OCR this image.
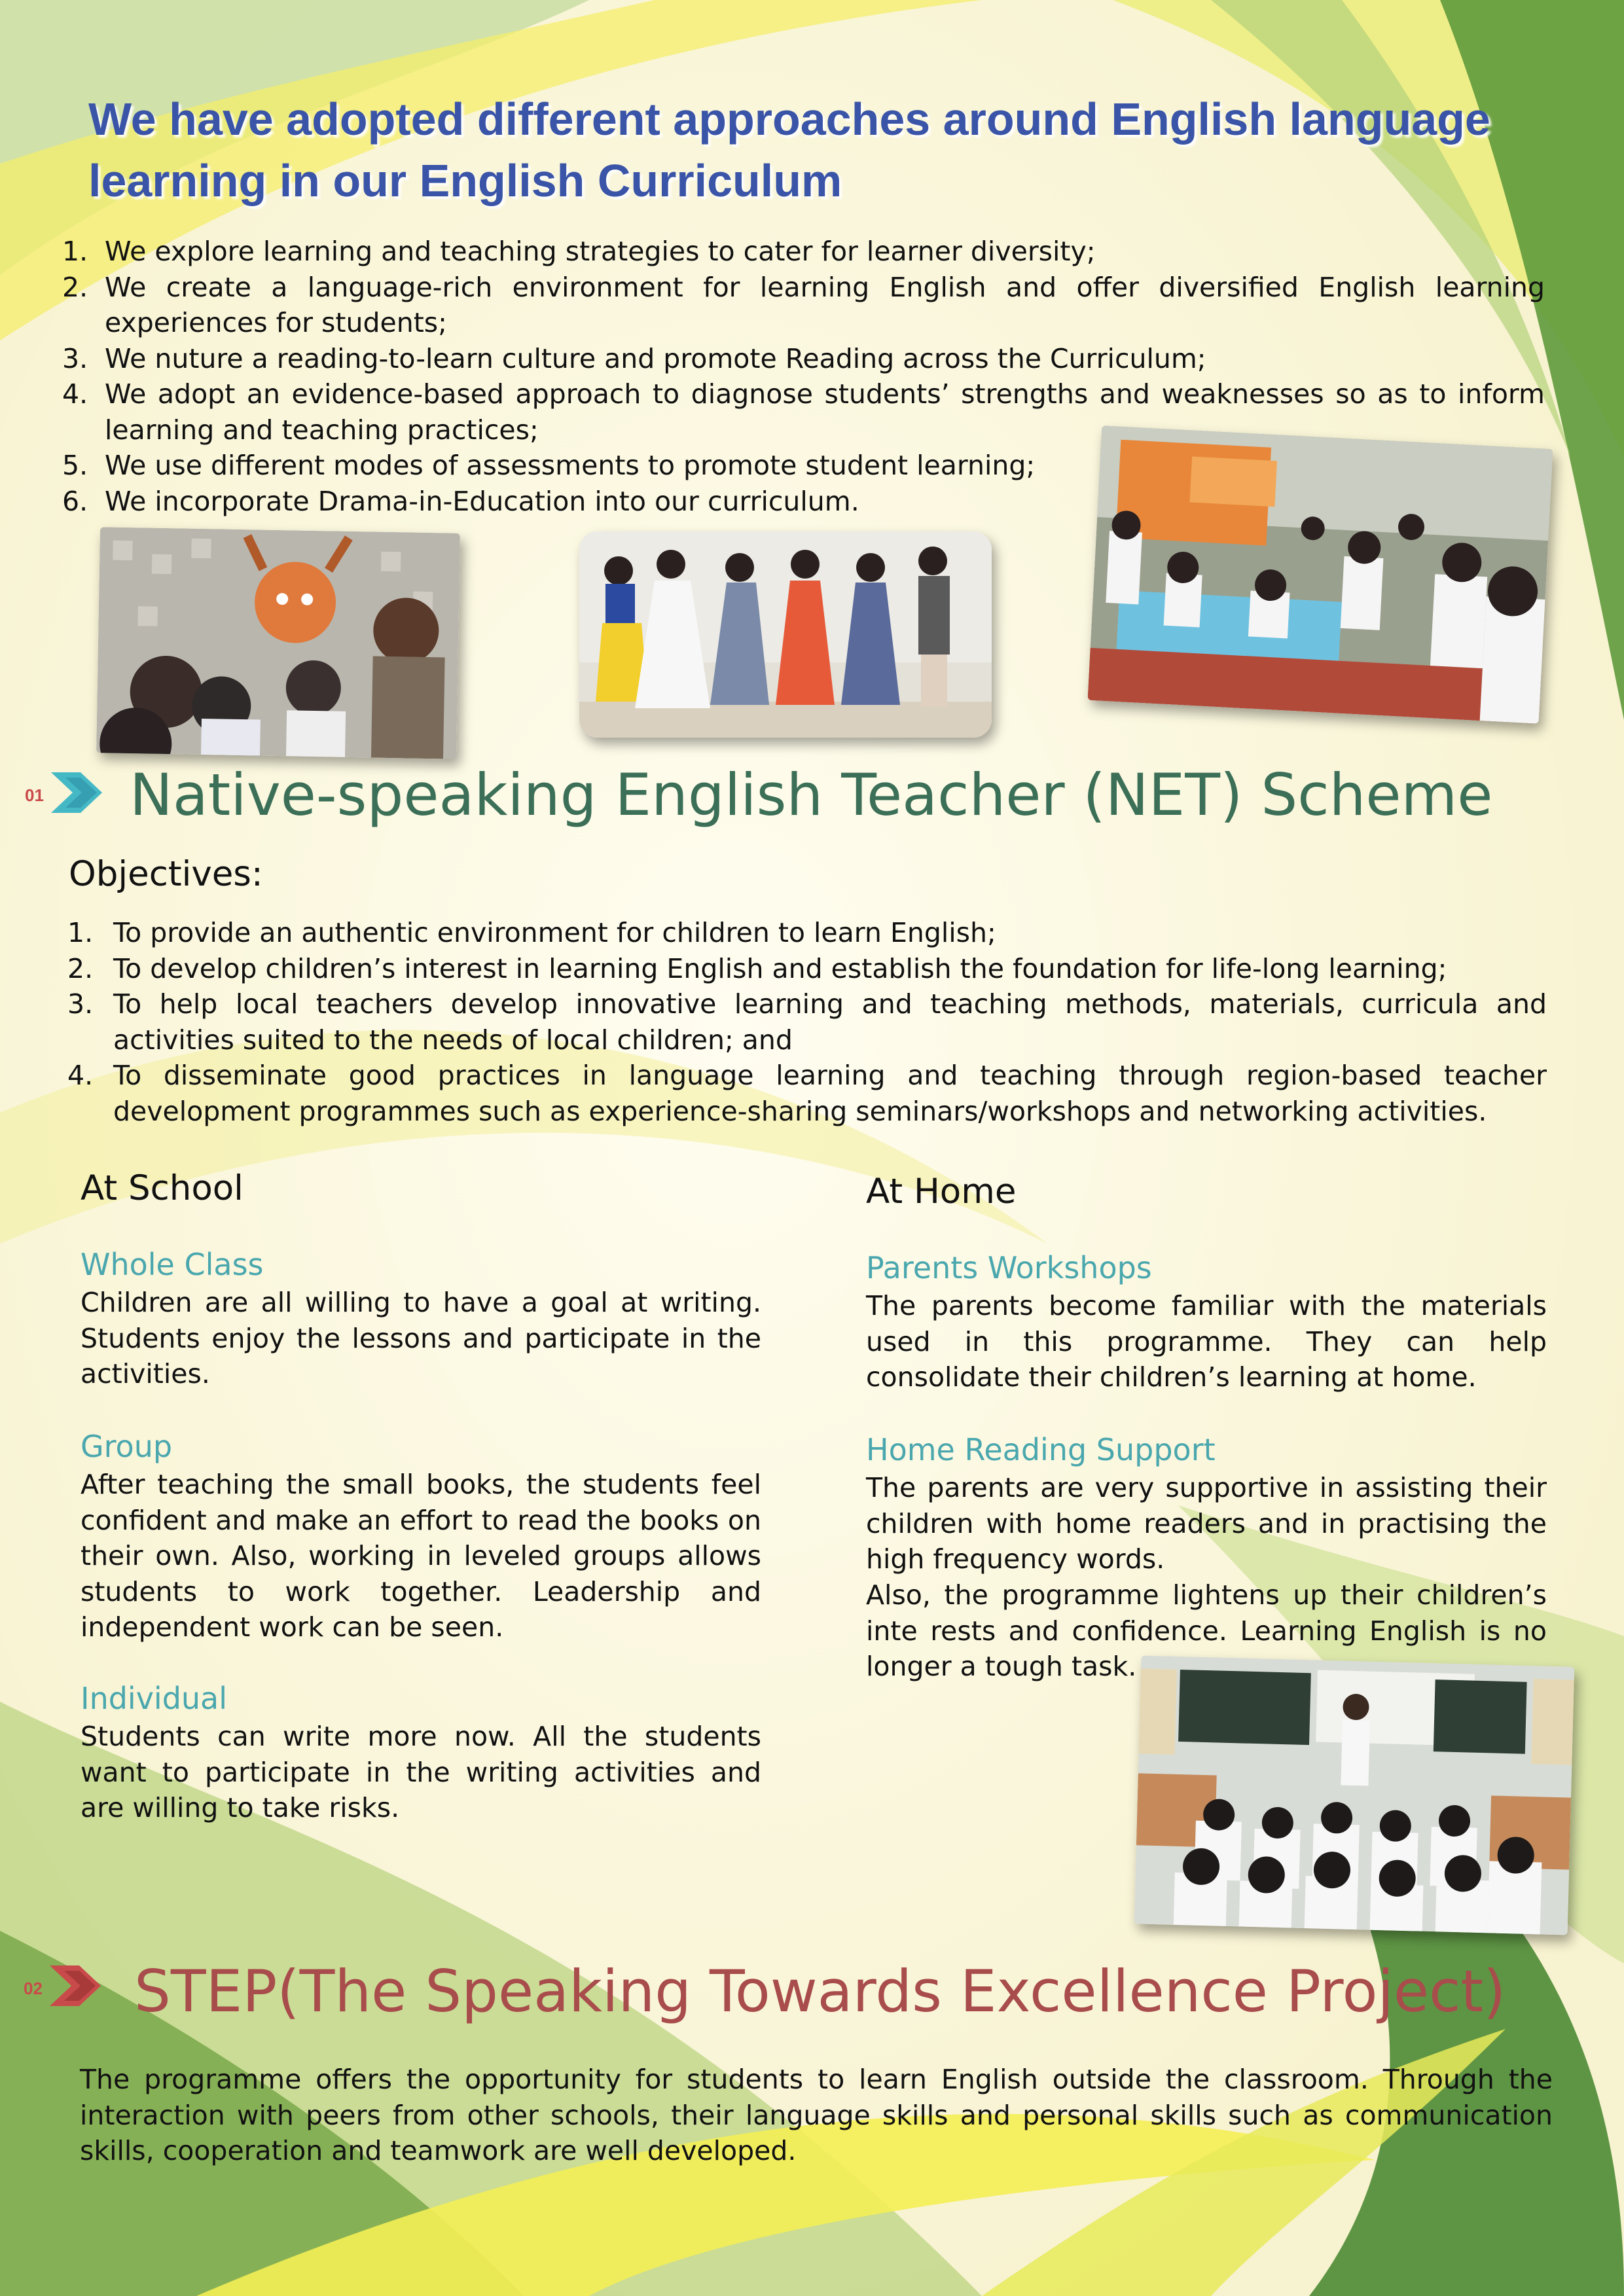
We have adopted different approaches around English language learning in our English Curriculum
1. We explore learning and teaching strategies to cater for learner diversity;
2. We create a language-rich environment for learning English and offer diversified English learning experiences for students;
3. We nuture a reading-to-learn culture and promote Reading across the Curriculum;
4. We adopt an evidence-based approach to diagnose students’ strengths and weaknesses so as to inform learning and teaching practices;
5. We use different modes of assessments to promote student learning;
6. We incorporate Drama-in-Education into our curriculum.
01 Native-speaking English Teacher (NET) Scheme
Objectives:
1. To provide an authentic environment for children to learn English;
2. To develop children’s interest in learning English and establish the foundation for life-long learning;
3. To help local teachers develop innovative learning and teaching methods, materials, curricula and activities suited to the needs of local children; and
4. To disseminate good practices in language learning and teaching through region-based teacher development programmes such as experience-sharing seminars/workshops and networking activities.
At School
Whole Class

Children are all willing to have a goal at writing. Students enjoy the lessons and participate in the activities.

Group

After teaching the small books, the students feel confident and make an effort to read the books on their own. Also, working in leveled groups allows students to work together. Leadership and independent work can be seen.

Individual

Students can write more now. All the students want to participate in the writing activities and are willing to take risks.

At Home
Parents Workshops

The parents become familiar with the materials used in this programme. They can help consolidate their children’s learning at home.

Home Reading Support

The parents are very supportive in assisting their children with home readers and in practising the high frequency words.

Also, the programme lightens up their children’s inte rests and confidence. Learning English is no longer a tough task.

02 STEP(The Speaking Towards Excellence Project)

The programme offers the opportunity for students to learn English outside the classroom. Through the interaction with peers from other schools, their language skills and personal skills such as communication skills, cooperation and teamwork are well developed.
